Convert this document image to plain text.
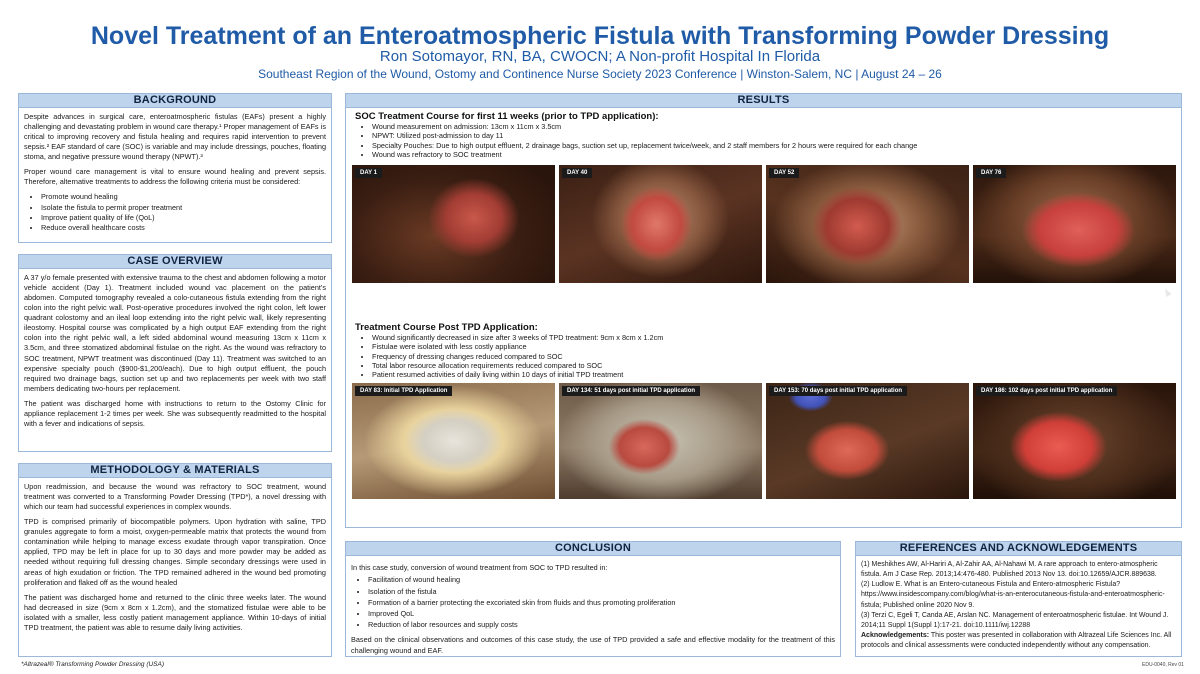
Novel Treatment of an Enteroatmospheric Fistula with Transforming Powder Dressing
Ron Sotomayor, RN, BA, CWOCN; A Non-profit Hospital In Florida
Southeast Region of the Wound, Ostomy and Continence Nurse Society 2023 Conference | Winston-Salem, NC | August 24 – 26
BACKGROUND

Despite advances in surgical care, enteroatmospheric fistulas (EAFs) present a highly challenging and devastating problem in wound care therapy.¹ Proper management of EAFs is critical to improving recovery and fistula healing and requires rapid intervention to prevent sepsis.² EAF standard of care (SOC) is variable and may include dressings, pouches, floating stoma, and negative pressure wound therapy (NPWT).³

Proper wound care management is vital to ensure wound healing and prevent sepsis. Therefore, alternative treatments to address the following criteria must be considered:

• Promote wound healing
• Isolate the fistula to permit proper treatment
• Improve patient quality of life (QoL)
• Reduce overall healthcare costs
CASE OVERVIEW

A 37 y/o female presented with extensive trauma to the chest and abdomen following a motor vehicle accident (Day 1). Treatment included wound vac placement on the patient's abdomen. Computed tomography revealed a colo-cutaneous fistula extending from the right colon into the right pelvic wall. Post-operative procedures involved the right colon, left lower quadrant colostomy and an ileal loop extending into the right pelvic wall, likely representing ileostomy. Hospital course was complicated by a high output EAF extending from the right colon into the right pelvic wall, a left sided abdominal wound measuring 13cm x 11cm x 3.5cm, and three stomatized abdominal fistulae on the right. As the wound was refractory to SOC treatment, NPWT treatment was discontinued (Day 11). Treatment was switched to an expensive specialty pouch ($900-$1,200/each). Due to high output effluent, the pouch required two drainage bags, suction set up and two replacements per week with two staff members dedicating two-hours per replacement.

The patient was discharged home with instructions to return to the Ostomy Clinic for appliance replacement 1-2 times per week. She was subsequently readmitted to the hospital with a fever and indications of sepsis.

METHODOLOGY & MATERIALS

Upon readmission, and because the wound was refractory to SOC treatment, wound treatment was converted to a Transforming Powder Dressing (TPD*), a novel dressing with which our team had successful experiences in complex wounds.

TPD is comprised primarily of biocompatible polymers. Upon hydration with saline, TPD granules aggregate to form a moist, oxygen-permeable matrix that protects the wound from contamination while helping to manage excess exudate through vapor transpiration. Once applied, TPD may be left in place for up to 30 days and more powder may be added as needed without requiring full dressing changes. Simple secondary dressings were used in areas of high exudation or friction. The TPD remained adhered in the wound bed promoting proliferation and flaked off as the wound healed

The patient was discharged home and returned to the clinic three weeks later. The wound had decreased in size (9cm x 8cm x 1.2cm), and the stomatized fistulae were able to be isolated with a smaller, less costly patient management appliance. Within 10-days of initial TPD treatment, the patient was able to resume daily living activities.

RESULTS

SOC Treatment Course for first 11 weeks (prior to TPD application):

• Wound measurement on admission: 13cm x 11cm x 3.5cm
• NPWT: Utilized post-admission to day 11
• Specialty Pouches: Due to high output effluent, 2 drainage bags, suction set up, replacement twice/week, and 2 staff members for 2 hours were required for each change
• Wound was refractory to SOC treatment
DAY 1	DAY 40	DAY 52	DAY 76

Treatment Course Post TPD Application:

• Wound significantly decreased in size after 3 weeks of TPD treatment: 9cm x 8cm x 1.2cm
• Fistulae were isolated with less costly appliance
• Frequency of dressing changes reduced compared to SOC
• Total labor resource allocation requirements reduced compared to SOC
• Patient resumed activities of daily living within 10 days of initial TPD treatment
DAY 83: Initial TPD Application	DAY 134: 51 days post initial TPD application	DAY 153: 70 days post initial TPD application	DAY 186: 102 days post initial TPD application
CONCLUSION

In this case study, conversion of wound treatment from SOC to TPD resulted in:

• Facilitation of wound healing
• Isolation of the fistula
• Formation of a barrier protecting the excoriated skin from fluids and thus promoting proliferation
• Improved QoL
• Reduction of labor resources and supply costs

Based on the clinical observations and outcomes of this case study, the use of TPD provided a safe and effective modality for the treatment of this challenging wound and EAF.

REFERENCES AND ACKNOWLEDGEMENTS
(1) Meshikhes AW, Al-Hariri A, Al-Zahir AA, Al-Nahawi M. A rare approach to entero-atmospheric fistula. Am J Case Rep. 2013;14:476-480. Published 2013 Nov 13. doi:10.12659/AJCR.889638.
(2) Ludlow E. What is an Entero-cutaneous Fistula and Entero-atmospheric Fistula? https://www.insidescompany.com/blog/what-is-an-enterocutaneous-fistula-and-enteroatmospheric-fistula; Published online 2020 Nov 9.
(3) Terzi C, Egeli T, Canda AE, Arslan NC. Management of enteroatmospheric fistulae. Int Wound J. 2014;11 Suppl 1(Suppl 1):17-21. doi:10.1111/iwj.12288
Acknowledgements: This poster was presented in collaboration with Altrazeal Life Sciences Inc. All protocols and clinical assessments were conducted independently without any compensation.
*Altrazeal® Transforming Powder Dressing (USA)	EDU-0040, Rev 01
